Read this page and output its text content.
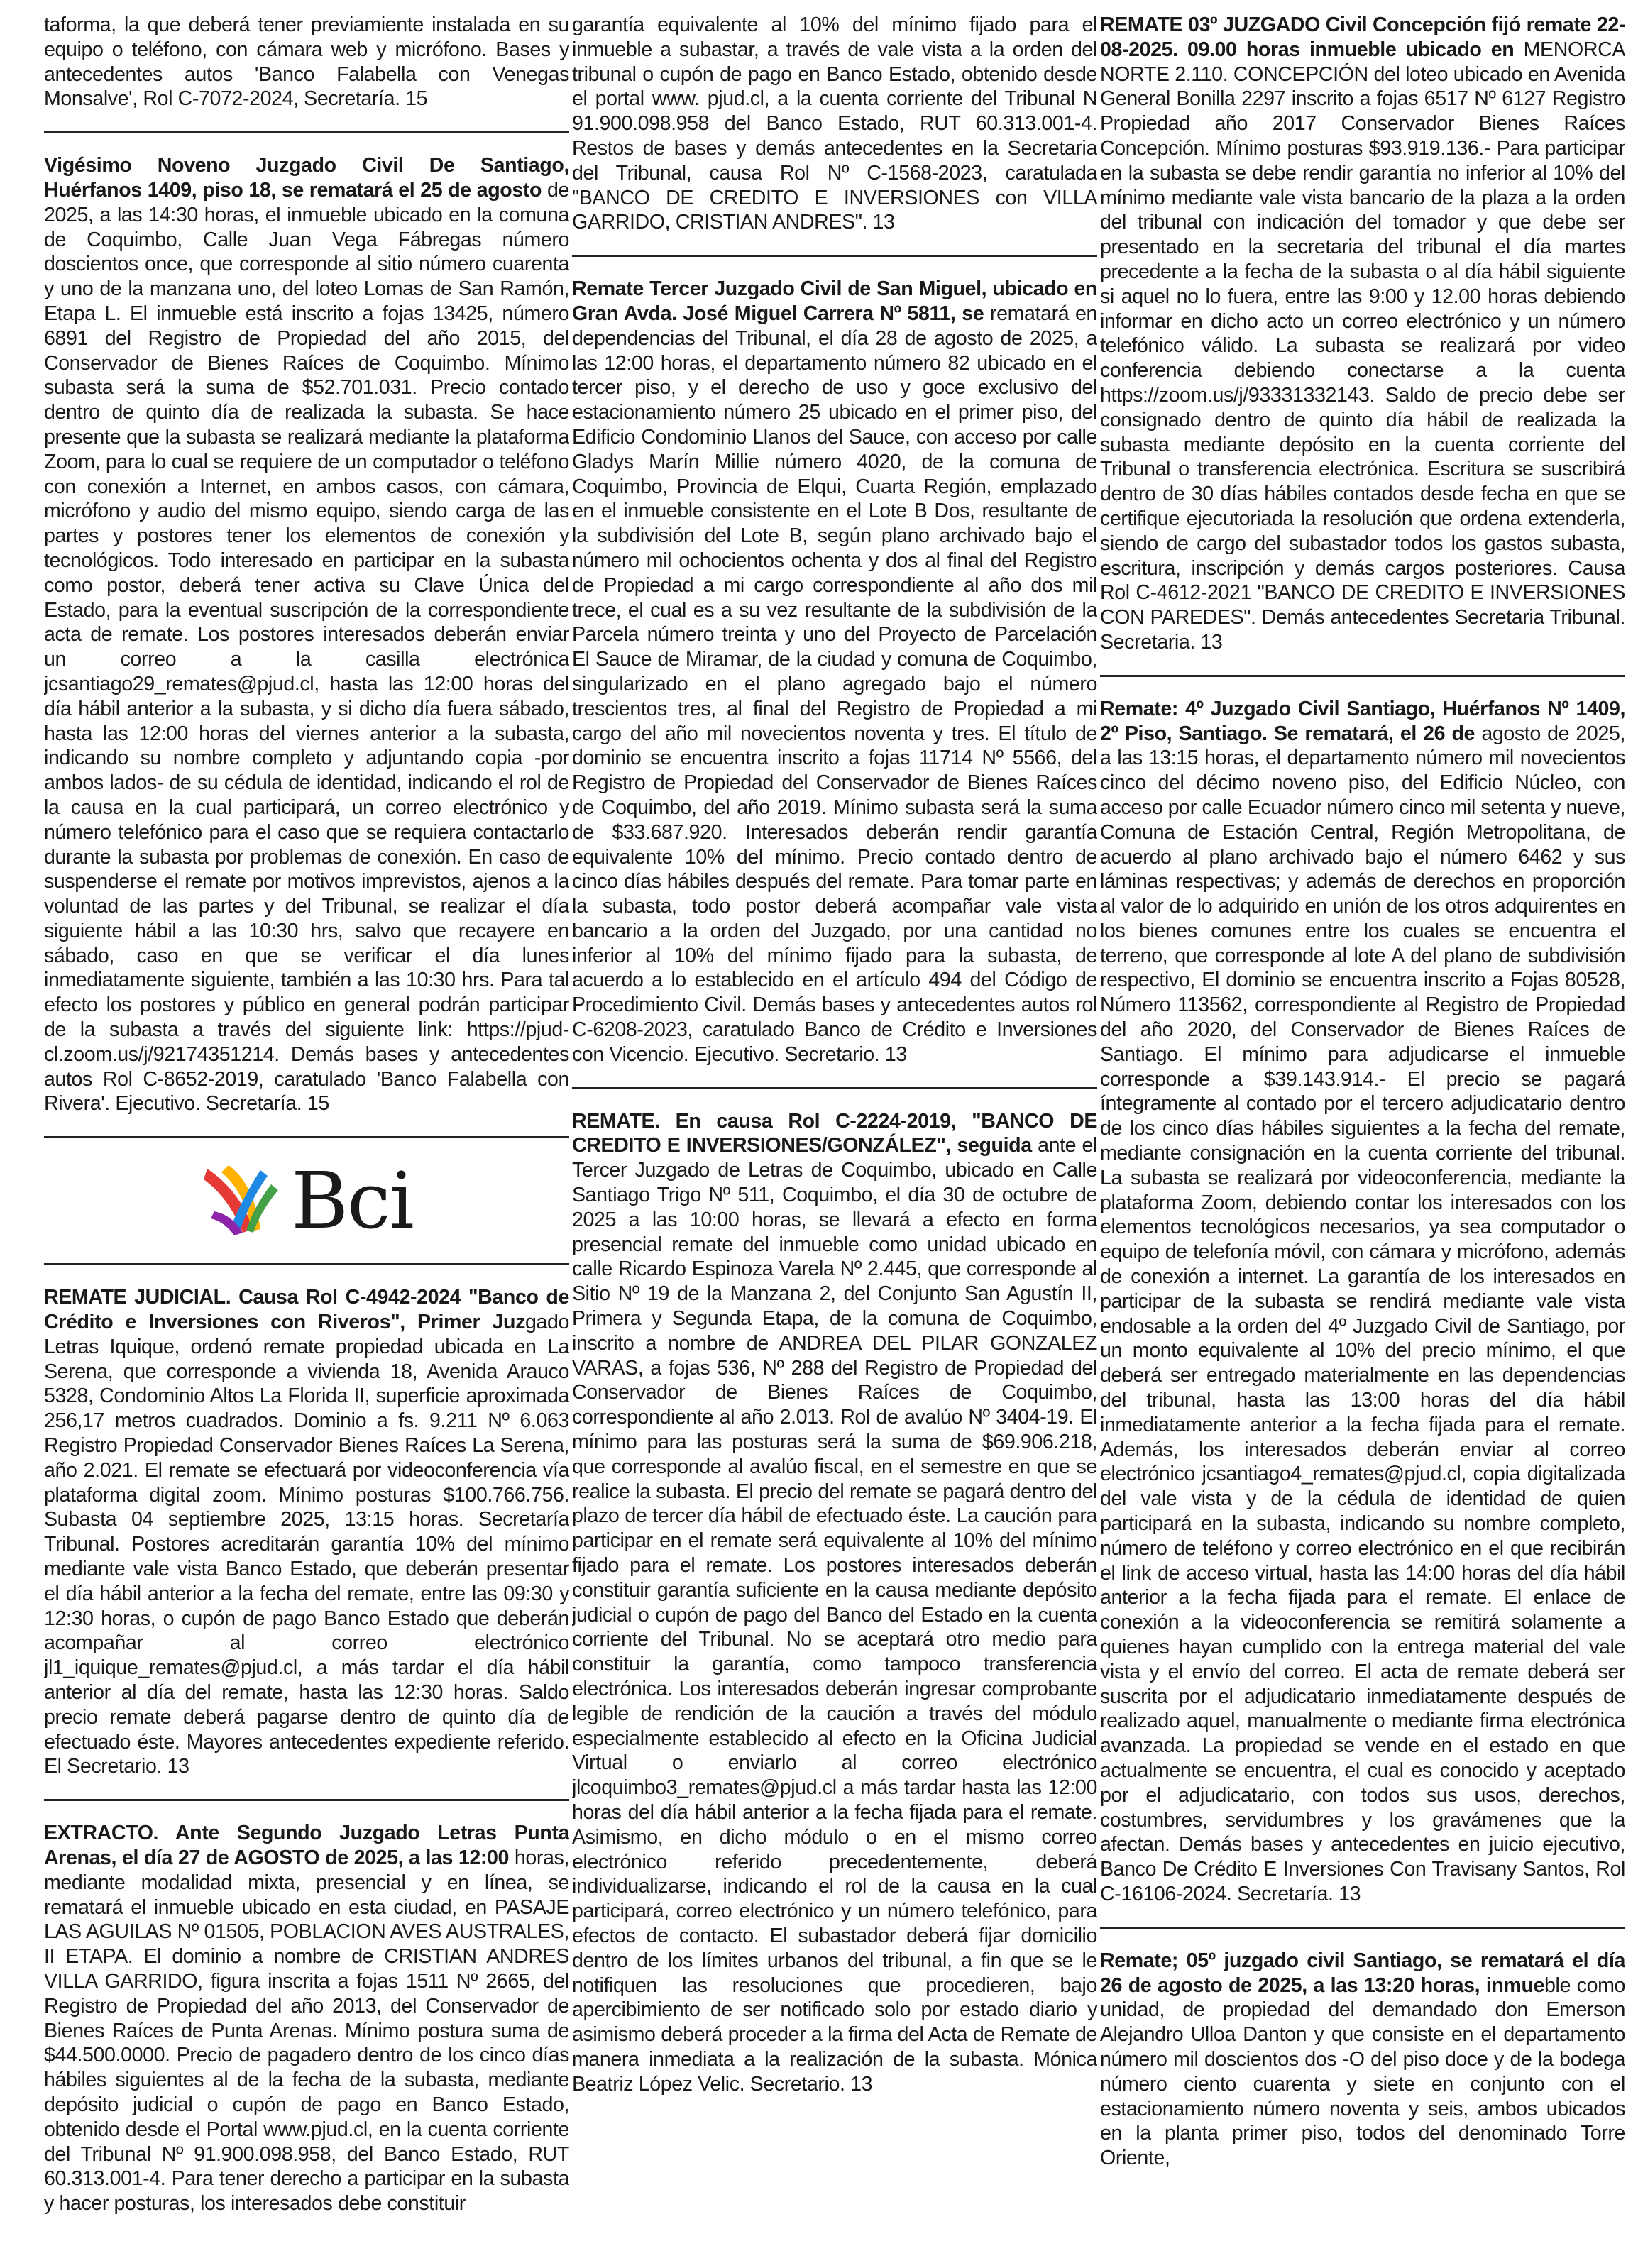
taforma, la que deberá tener previamiente instalada en su equipo o teléfono, con cámara web y micrófono. Bases y antecedentes autos 'Banco Falabella con Venegas Monsalve', Rol C-7072-2024, Secretaría. 15

Vigésimo Noveno Juzgado Civil De Santiago, Huérfanos 1409, piso 18, se rematará el 25 de agosto de 2025, a las 14:30 horas, el inmueble ubicado en la comuna de Coquimbo, Calle Juan Vega Fábregas número doscientos once, que corresponde al sitio número cuarenta y uno de la manzana uno, del loteo Lomas de San Ramón, Etapa L. El inmueble está inscrito a fojas 13425, número 6891 del Registro de Propiedad del año 2015, del Conservador de Bienes Raíces de Coquimbo. Mínimo subasta será la suma de $52.701.031. Precio contado dentro de quinto día de realizada la subasta. Se hace presente que la subasta se realizará mediante la plataforma Zoom, para lo cual se requiere de un computador o teléfono con conexión a Internet, en ambos casos, con cámara, micrófono y audio del mismo equipo, siendo carga de las partes y postores tener los elementos de conexión y tecnológicos. Todo interesado en participar en la subasta como postor, deberá tener activa su Clave Única del Estado, para la eventual suscripción de la correspondiente acta de remate. Los postores interesados deberán enviar un correo a la casilla electrónica jcsantiago29_remates@pjud.cl, hasta las 12:00 horas del día hábil anterior a la subasta, y si dicho día fuera sábado, hasta las 12:00 horas del viernes anterior a la subasta, indicando su nombre completo y adjuntando copia -por ambos lados- de su cédula de identidad, indicando el rol de la causa en la cual participará, un correo electrónico y número telefónico para el caso que se requiera contactarlo durante la subasta por problemas de conexión. En caso de suspenderse el remate por motivos imprevistos, ajenos a la voluntad de las partes y del Tribunal, se realizar el día siguiente hábil a las 10:30 hrs, salvo que recayere en sábado, caso en que se verificar el día lunes inmediatamente siguiente, también a las 10:30 hrs. Para tal efecto los postores y público en general podrán participar de la subasta a través del siguiente link: https://pjud-cl.zoom.us/j/92174351214. Demás bases y antecedentes autos Rol C-8652-2019, caratulado 'Banco Falabella con Rivera'. Ejecutivo. Secretaría. 15

Bci

REMATE JUDICIAL. Causa Rol C-4942-2024 "Banco de Crédito e Inversiones con Riveros", Primer Juzgado Letras Iquique, ordenó remate propiedad ubicada en La Serena, que corresponde a vivienda 18, Avenida Arauco 5328, Condominio Altos La Florida II, superficie aproximada 256,17 metros cuadrados. Dominio a fs. 9.211 Nº 6.063 Registro Propiedad Conservador Bienes Raíces La Serena, año 2.021. El remate se efectuará por videoconferencia vía plataforma digital zoom. Mínimo posturas $100.766.756. Subasta 04 septiembre 2025, 13:15 horas. Secretaría Tribunal. Postores acreditarán garantía 10% del mínimo mediante vale vista Banco Estado, que deberán presentar el día hábil anterior a la fecha del remate, entre las 09:30 y 12:30 horas, o cupón de pago Banco Estado que deberán acompañar al correo electrónico jl1_iquique_remates@pjud.cl, a más tardar el día hábil anterior al día del remate, hasta las 12:30 horas. Saldo precio remate deberá pagarse dentro de quinto día de efectuado éste. Mayores antecedentes expediente referido. El Secretario. 13

EXTRACTO. Ante Segundo Juzgado Letras Punta Arenas, el día 27 de AGOSTO de 2025, a las 12:00 horas, mediante modalidad mixta, presencial y en línea, se rematará el inmueble ubicado en esta ciudad, en PASAJE LAS AGUILAS Nº 01505, POBLACION AVES AUSTRALES, II ETAPA. El dominio a nombre de CRISTIAN ANDRES VILLA GARRIDO, figura inscrita a fojas 1511 Nº 2665, del Registro de Propiedad del año 2013, del Conservador de Bienes Raíces de Punta Arenas. Mínimo postura suma de $44.500.0000. Precio de pagadero dentro de los cinco días hábiles siguientes al de la fecha de la subasta, mediante depósito judicial o cupón de pago en Banco Estado, obtenido desde el Portal www.pjud.cl, en la cuenta corriente del Tribunal Nº 91.900.098.958, del Banco Estado, RUT 60.313.001-4. Para tener derecho a participar en la subasta y hacer posturas, los interesados debe constituir

garantía equivalente al 10% del mínimo fijado para el inmueble a subastar, a través de vale vista a la orden del tribunal o cupón de pago en Banco Estado, obtenido desde el portal www. pjud.cl, a la cuenta corriente del Tribunal N 91.900.098.958 del Banco Estado, RUT 60.313.001-4. Restos de bases y demás antecedentes en la Secretaria del Tribunal, causa Rol Nº C-1568-2023, caratulada "BANCO DE CREDITO E INVERSIONES con VILLA GARRIDO, CRISTIAN ANDRES". 13

Remate Tercer Juzgado Civil de San Miguel, ubicado en Gran Avda. José Miguel Carrera Nº 5811, se rematará en dependencias del Tribunal, el día 28 de agosto de 2025, a las 12:00 horas, el departamento número 82 ubicado en el tercer piso, y el derecho de uso y goce exclusivo del estacionamiento número 25 ubicado en el primer piso, del Edificio Condominio Llanos del Sauce, con acceso por calle Gladys Marín Millie número 4020, de la comuna de Coquimbo, Provincia de Elqui, Cuarta Región, emplazado en el inmueble consistente en el Lote B Dos, resultante de la subdivisión del Lote B, según plano archivado bajo el número mil ochocientos ochenta y dos al final del Registro de Propiedad a mi cargo correspondiente al año dos mil trece, el cual es a su vez resultante de la subdivisión de la Parcela número treinta y uno del Proyecto de Parcelación El Sauce de Miramar, de la ciudad y comuna de Coquimbo, singularizado en el plano agregado bajo el número trescientos tres, al final del Registro de Propiedad a mi cargo del año mil novecientos noventa y tres. El título de dominio se encuentra inscrito a fojas 11714 Nº 5566, del Registro de Propiedad del Conservador de Bienes Raíces de Coquimbo, del año 2019. Mínimo subasta será la suma de $33.687.920. Interesados deberán rendir garantía equivalente 10% del mínimo. Precio contado dentro de cinco días hábiles después del remate. Para tomar parte en la subasta, todo postor deberá acompañar vale vista bancario a la orden del Juzgado, por una cantidad no inferior al 10% del mínimo fijado para la subasta, de acuerdo a lo establecido en el artículo 494 del Código de Procedimiento Civil. Demás bases y antecedentes autos rol C-6208-2023, caratulado Banco de Crédito e Inversiones con Vicencio. Ejecutivo. Secretario. 13

REMATE. En causa Rol C-2224-2019, "BANCO DE CREDITO E INVERSIONES/GONZÁLEZ", seguida ante el Tercer Juzgado de Letras de Coquimbo, ubicado en Calle Santiago Trigo Nº 511, Coquimbo, el día 30 de octubre de 2025 a las 10:00 horas, se llevará a efecto en forma presencial remate del inmueble como unidad ubicado en calle Ricardo Espinoza Varela Nº 2.445, que corresponde al Sitio Nº 19 de la Manzana 2, del Conjunto San Agustín II, Primera y Segunda Etapa, de la comuna de Coquimbo, inscrito a nombre de ANDREA DEL PILAR GONZALEZ VARAS, a fojas 536, Nº 288 del Registro de Propiedad del Conservador de Bienes Raíces de Coquimbo, correspondiente al año 2.013. Rol de avalúo Nº 3404-19. El mínimo para las posturas será la suma de $69.906.218, que corresponde al avalúo fiscal, en el semestre en que se realice la subasta. El precio del remate se pagará dentro del plazo de tercer día hábil de efectuado éste. La caución para participar en el remate será equivalente al 10% del mínimo fijado para el remate. Los postores interesados deberán constituir garantía suficiente en la causa mediante depósito judicial o cupón de pago del Banco del Estado en la cuenta corriente del Tribunal. No se aceptará otro medio para constituir la garantía, como tampoco transferencia electrónica. Los interesados deberán ingresar comprobante legible de rendición de la caución a través del módulo especialmente establecido al efecto en la Oficina Judicial Virtual o enviarlo al correo electrónico jlcoquimbo3_remates@pjud.cl a más tardar hasta las 12:00 horas del día hábil anterior a la fecha fijada para el remate. Asimismo, en dicho módulo o en el mismo correo electrónico referido precedentemente, deberá individualizarse, indicando el rol de la causa en la cual participará, correo electrónico y un número telefónico, para efectos de contacto. El subastador deberá fijar domicilio dentro de los límites urbanos del tribunal, a fin que se le notifiquen las resoluciones que procedieren, bajo apercibimiento de ser notificado solo por estado diario y asimismo deberá proceder a la firma del Acta de Remate de manera inmediata a la realización de la subasta. Mónica Beatriz López Velic. Secretario. 13

REMATE 03º JUZGADO Civil Concepción fijó remate 22-08-2025. 09.00 horas inmueble ubicado en MENORCA NORTE 2.110. CONCEPCIÓN del loteo ubicado en Avenida General Bonilla 2297 inscrito a fojas 6517 Nº 6127 Registro Propiedad año 2017 Conservador Bienes Raíces Concepción. Mínimo posturas $93.919.136.- Para participar en la subasta se debe rendir garantía no inferior al 10% del mínimo mediante vale vista bancario de la plaza a la orden del tribunal con indicación del tomador y que debe ser presentado en la secretaria del tribunal el día martes precedente a la fecha de la subasta o al día hábil siguiente si aquel no lo fuera, entre las 9:00 y 12.00 horas debiendo informar en dicho acto un correo electrónico y un número telefónico válido. La subasta se realizará por video conferencia debiendo conectarse a la cuenta https://zoom.us/j/93331332143. Saldo de precio debe ser consignado dentro de quinto día hábil de realizada la subasta mediante depósito en la cuenta corriente del Tribunal o transferencia electrónica. Escritura se suscribirá dentro de 30 días hábiles contados desde fecha en que se certifique ejecutoriada la resolución que ordena extenderla, siendo de cargo del subastador todos los gastos subasta, escritura, inscripción y demás cargos posteriores. Causa Rol C-4612-2021 "BANCO DE CREDITO E INVERSIONES CON PAREDES". Demás antecedentes Secretaria Tribunal. Secretaria. 13

Remate: 4º Juzgado Civil Santiago, Huérfanos Nº 1409, 2º Piso, Santiago. Se rematará, el 26 de agosto de 2025, a las 13:15 horas, el departamento número mil novecientos cinco del décimo noveno piso, del Edificio Núcleo, con acceso por calle Ecuador número cinco mil setenta y nueve, Comuna de Estación Central, Región Metropolitana, de acuerdo al plano archivado bajo el número 6462 y sus láminas respectivas; y además de derechos en proporción al valor de lo adquirido en unión de los otros adquirentes en los bienes comunes entre los cuales se encuentra el terreno, que corresponde al lote A del plano de subdivisión respectivo, El dominio se encuentra inscrito a Fojas 80528, Número 113562, correspondiente al Registro de Propiedad del año 2020, del Conservador de Bienes Raíces de Santiago. El mínimo para adjudicarse el inmueble corresponde a $39.143.914.- El precio se pagará íntegramente al contado por el tercero adjudicatario dentro de los cinco días hábiles siguientes a la fecha del remate, mediante consignación en la cuenta corriente del tribunal. La subasta se realizará por videoconferencia, mediante la plataforma Zoom, debiendo contar los interesados con los elementos tecnológicos necesarios, ya sea computador o equipo de telefonía móvil, con cámara y micrófono, además de conexión a internet. La garantía de los interesados en participar de la subasta se rendirá mediante vale vista endosable a la orden del 4º Juzgado Civil de Santiago, por un monto equivalente al 10% del precio mínimo, el que deberá ser entregado materialmente en las dependencias del tribunal, hasta las 13:00 horas del día hábil inmediatamente anterior a la fecha fijada para el remate. Además, los interesados deberán enviar al correo electrónico jcsantiago4_remates@pjud.cl, copia digitalizada del vale vista y de la cédula de identidad de quien participará en la subasta, indicando su nombre completo, número de teléfono y correo electrónico en el que recibirán el link de acceso virtual, hasta las 14:00 horas del día hábil anterior a la fecha fijada para el remate. El enlace de conexión a la videoconferencia se remitirá solamente a quienes hayan cumplido con la entrega material del vale vista y el envío del correo. El acta de remate deberá ser suscrita por el adjudicatario inmediatamente después de realizado aquel, manualmente o mediante firma electrónica avanzada. La propiedad se vende en el estado en que actualmente se encuentra, el cual es conocido y aceptado por el adjudicatario, con todos sus usos, derechos, costumbres, servidumbres y los gravámenes que la afectan. Demás bases y antecedentes en juicio ejecutivo, Banco De Crédito E Inversiones Con Travisany Santos, Rol C-16106-2024. Secretaría. 13

Remate; 05º juzgado civil Santiago, se rematará el día 26 de agosto de 2025, a las 13:20 horas, inmueble como unidad, de propiedad del demandado don Emerson Alejandro Ulloa Danton y que consiste en el departamento número mil doscientos dos -O del piso doce y de la bodega número ciento cuarenta y siete en conjunto con el estacionamiento número noventa y seis, ambos ubicados en la planta primer piso, todos del denominado Torre Oriente,
